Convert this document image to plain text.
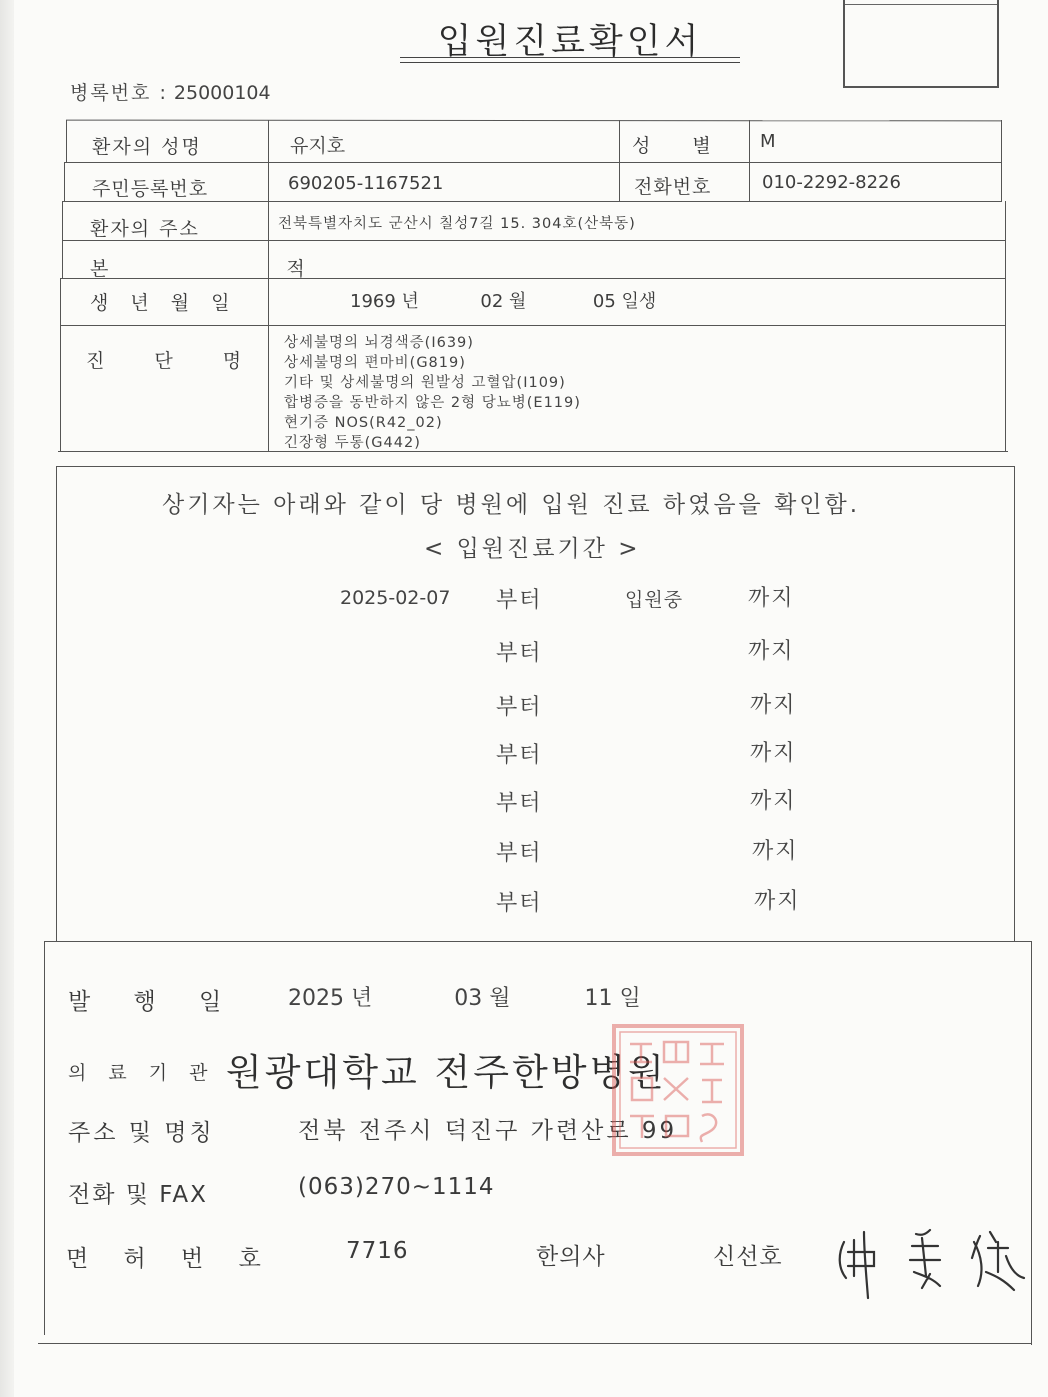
입원진료확인서
병록번호 : 25000104
환자의 성명	유지호	성 별 M
주민등록번호	690205-1167521	전화번호	010-2292-8226
환자의 주소	전북특별자치도 군산시 칠성7길 15. 304호(산북동)
본 적
생 년 월 일	1969 년	02 월	05 일생
진 단 명
상세불명의 뇌경색증(I639)
상세불명의 편마비(G819)
기타 및 상세불명의 원발성 고혈압(I109)
합병증을 동반하지 않은 2형 당뇨병(E119)
현기증 NOS(R42_02)
긴장형 두통(G442)
상기자는 아래와 같이 당 병원에 입원 진료 하였음을 확인함.
< 입원진료기간 >
2025-02-07 부터	입원중	까지
부터	까지
부터	까지
부터	까지
부터	까지
부터	까지
부터	까지
발 행 일 2025 년	03 월	11 일
의 료 기 관 원광대학교 전주한방병원
주소 및 명칭	전북 전주시 덕진구 가련산로 99
전화 및 FAX	(063)270~1114
면 허 번 호	7716	한의사	신선호
